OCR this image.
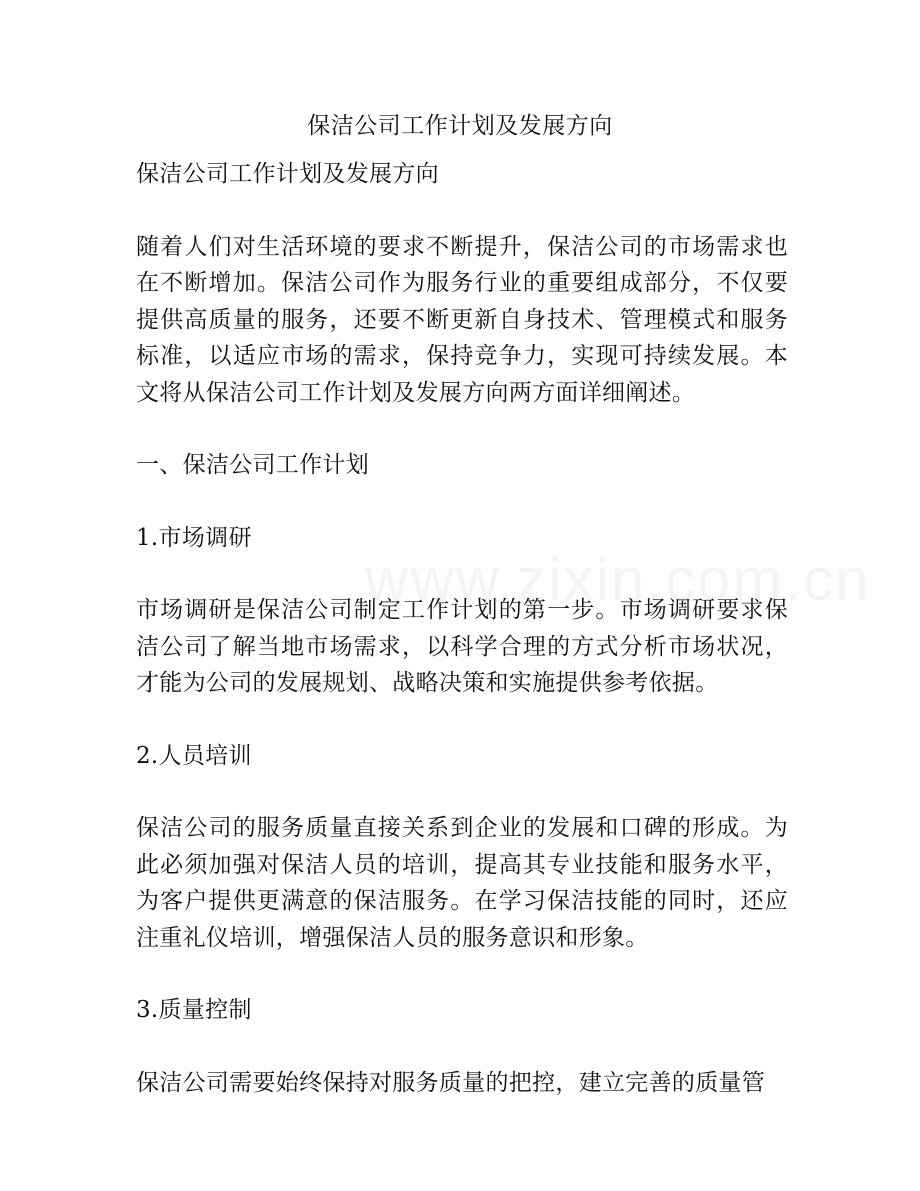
保洁公司工作计划及发展方向

保洁公司工作计划及发展方向

随着人们对生活环境的要求不断提升，保洁公司的市场需求也在不断增加。保洁公司作为服务行业的重要组成部分，不仅要提供高质量的服务，还要不断更新自身技术、管理模式和服务标准，以适应市场的需求，保持竞争力，实现可持续发展。本文将从保洁公司工作计划及发展方向两方面详细阐述。

一、保洁公司工作计划

1.市场调研

市场调研是保洁公司制定工作计划的第一步。市场调研要求保洁公司了解当地市场需求，以科学合理的方式分析市场状况，才能为公司的发展规划、战略决策和实施提供参考依据。

2.人员培训

保洁公司的服务质量直接关系到企业的发展和口碑的形成。为此必须加强对保洁人员的培训，提高其专业技能和服务水平，为客户提供更满意的保洁服务。在学习保洁技能的同时，还应注重礼仪培训，增强保洁人员的服务意识和形象。

3.质量控制

保洁公司需要始终保持对服务质量的把控，建立完善的质量管
